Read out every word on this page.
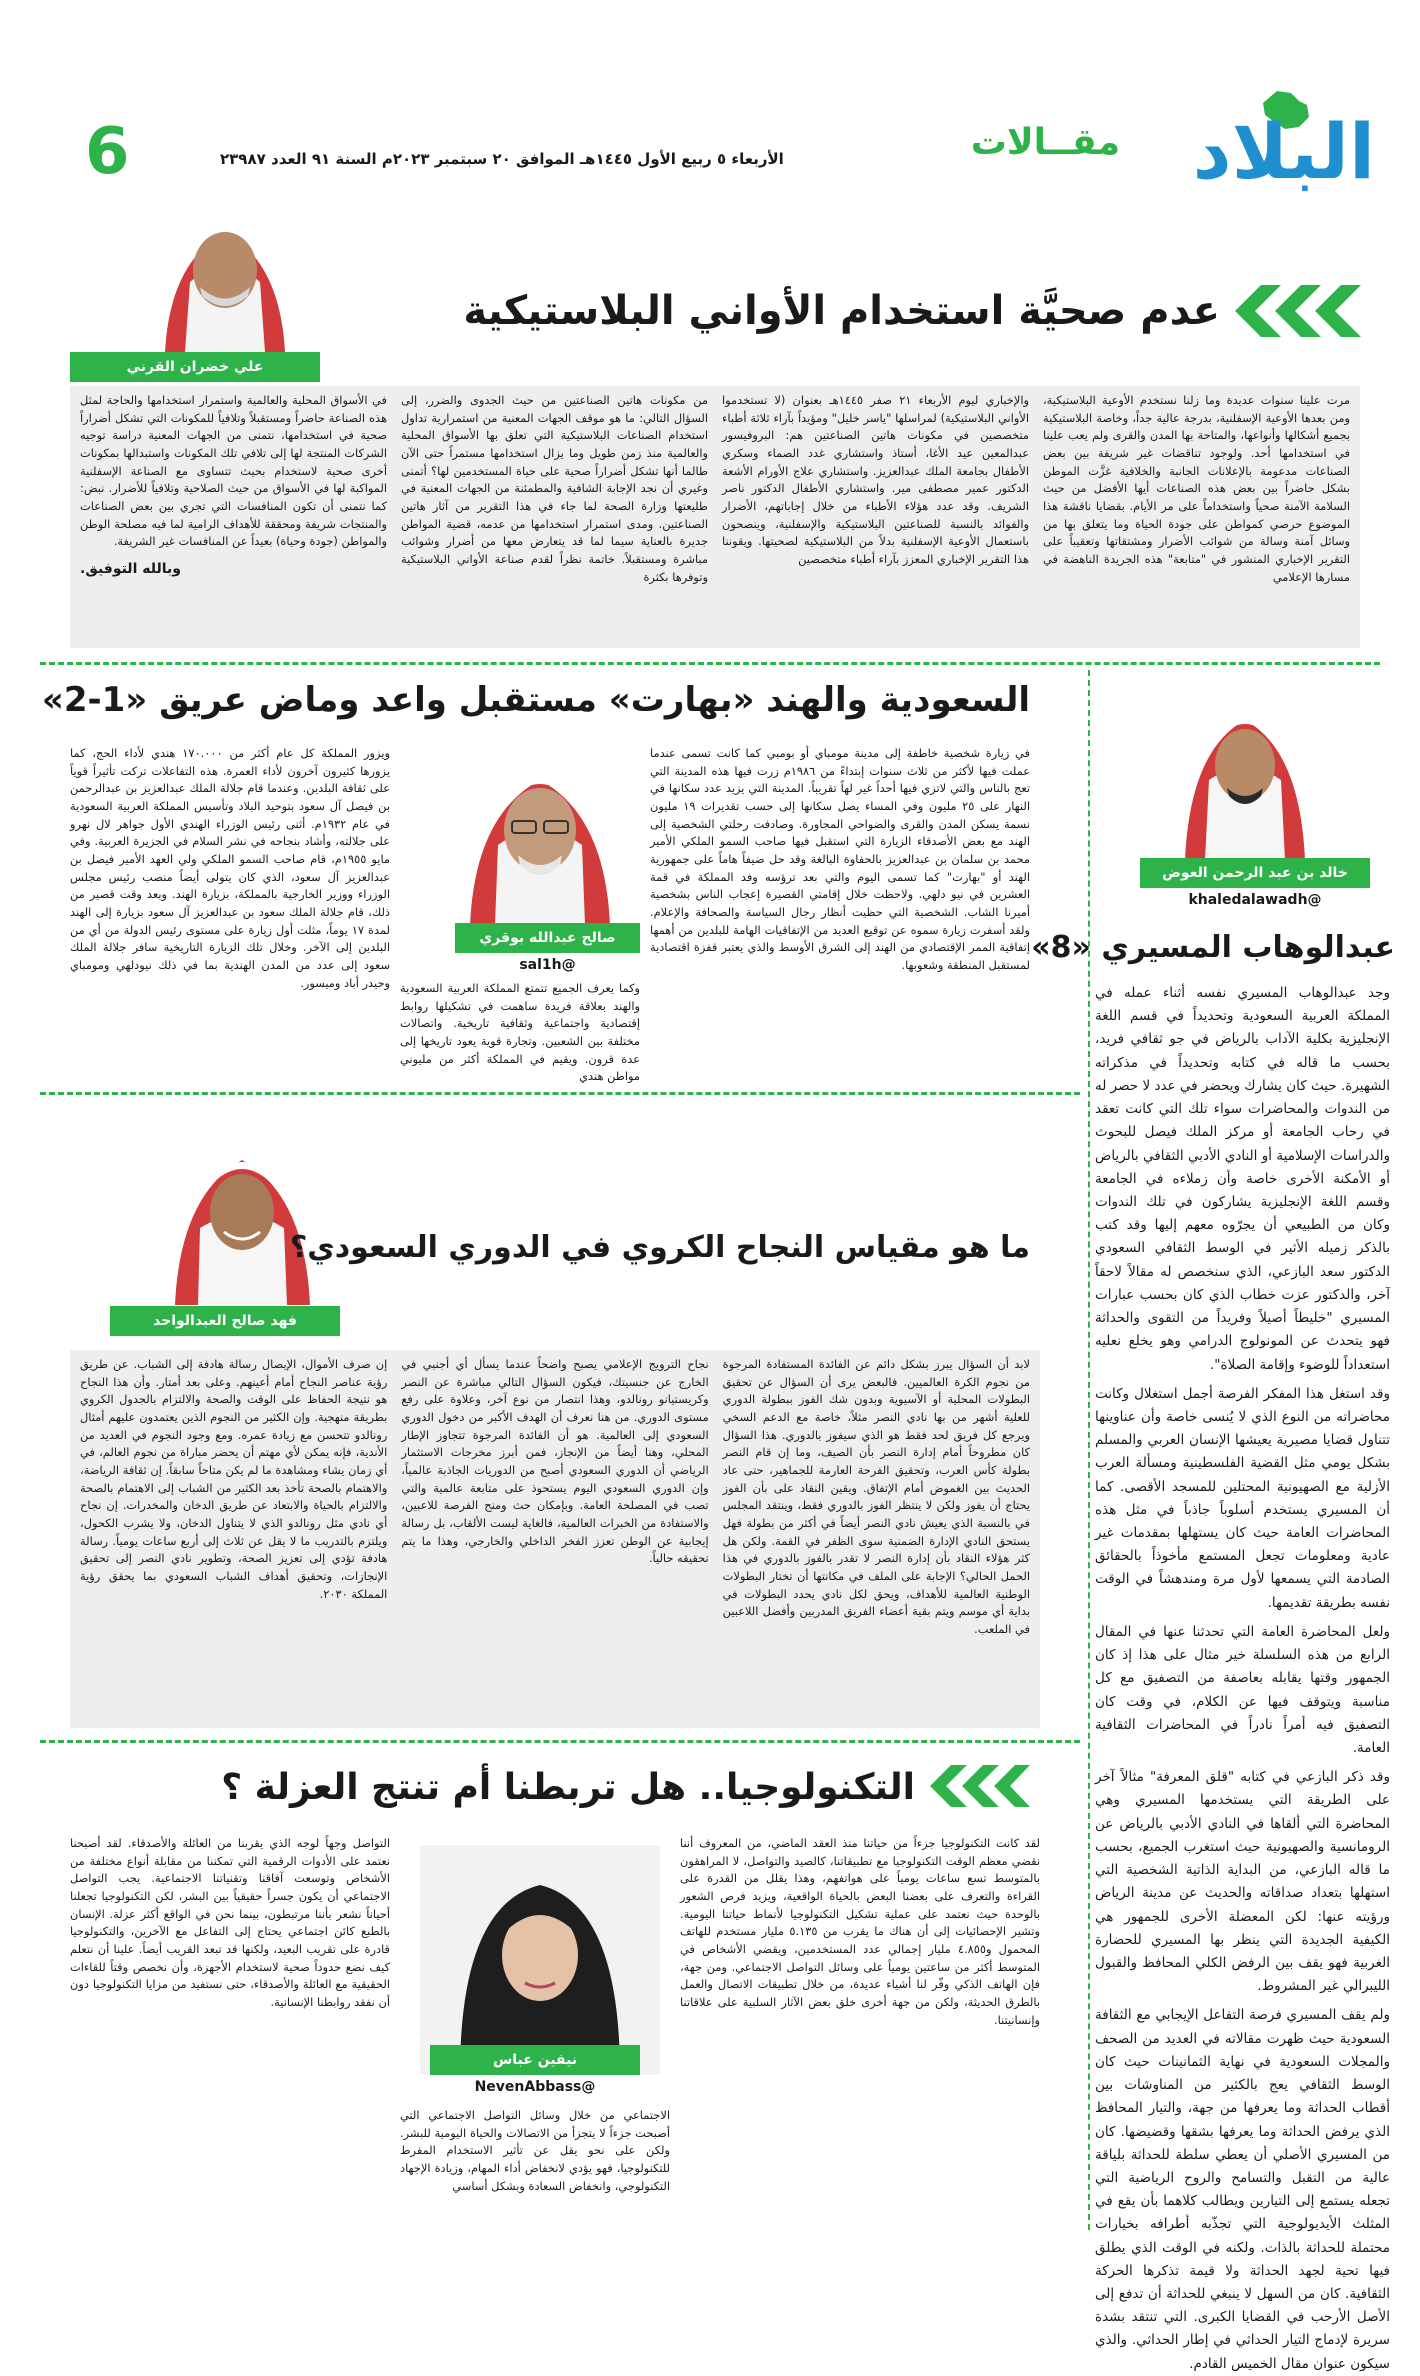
البلاد
مقــالات
الأربعاء ٥ ربيع الأول ١٤٤٥هـ الموافق ٢٠ سبتمبر ٢٠٢٣م السنة ٩١ العدد ٢٣٩٨٧
6
عدم صحيَّة استخدام الأواني البلاستيكية
علي خضران القرني
مرت علينا سنوات عديدة وما زلنا نستخدم الأوعية البلاستيكية، ومن بعدها الأوعية الإسفلنية، بدرجة عالية جداً، وخاصة البلاستيكية بجميع أشكالها وأنواعها، والمتاحة بها المدن والقرى ولم يعب علينا في استخدامها أحد. ولوجود تناقضات غير شريفة بين بعض الصناعات مدعومة بالإعلانات الجانبة والخلافية غزَّت الموطن بشكل حاضراً بين بعض هذه الصناعات أيها الأفضل من حيث السلامة الآمنة صحياً واستخداماً على مر الأيام. بقضايا ناقشة هذا الموضوع حرصي كمواطن على جودة الحياة وما يتعلق بها من وسائل آمنة وسالة من شوائب الأضرار ومشتقاتها وتعقيباً على التقرير الإخباري المنشور في "متابعة" هذه الجريدة الناهضة في مسارها الإعلامي
والإخباري ليوم الأربعاء ٢١ صفر ١٤٤٥هـ بعنوان (لا تستخدموا الأواني البلاستيكية) لمراسلها "ياسر خليل" ومؤيداً بآراء ثلاثة أطباء متخصصين في مكونات هاتين الصناعتين هم: البروفيسور عبدالمعين عيد الأغا، أستاذ واستشاري غدد الصماء وسكري الأطفال بجامعة الملك عبدالعزيز. واستشاري علاج الأورام الأشعة الدكتور عمير مصطفى مير. واستشاري الأطفال الدكتور ناصر الشريف. وقد عدد هؤلاء الأطباء من خلال إجاباتهم، الأضرار والفوائد بالنسبة للصناعتين البلاستيكية والإسفلنية، وينصحون باستعمال الأوعية الإسفلنية بدلاً من البلاستيكية لصحيتها. ويقوننا هذا التقرير الإخباري المعزز بآراء أطباء متخصصين
من مكونات هاتين الصناعتين من حيث الجدوى والضرر، إلى السؤال التالي: ما هو موقف الجهات المعنية من استمرارية تداول استخدام الصناعات البلاستيكية التي تعلق بها الأسواق المحلية والعالمية منذ زمن طويل وما يزال استخدامها مستمراً حتى الآن طالما أنها تشكل أضراراً صحية على حياة المستخدمين لها؟ أتمنى وغيري أن نجد الإجابة الشافية والمطمئنة من الجهات المعنية في طليعتها وزارة الصحة لما جاء في هذا التقرير من آثار هاتين الصناعتين. ومدى استمرار استخدامها من عدمه، قضية المواطن جديرة بالعناية سيما لما قد يتعارض معها من أضرار وشوائب مباشرة ومستقبلاً. خاتمة نظراً لقدم صناعة الأواني البلاستيكية وتوفرها بكثرة
في الأسواق المحلية والعالمية واستمرار استخدامها والحاجة لمثل هذه الصناعة حاضراً ومستقبلاً وتلافياً للمكونات التي تشكل أضراراً صحية في استخدامها، نتمنى من الجهات المعنية دراسة توجيه الشركات المنتجة لها إلى تلافي تلك المكونات واستبدالها بمكونات أخرى صحية لاستخدام بحيث تتساوى مع الصناعة الإسفلنية المواكبة لها في الأسواق من حيث الصلاحية وتلافياً للأضرار. نبض: كما نتمنى أن تكون المنافسات التي تجري بين بعض الصناعات والمنتجات شريفة ومحققة للأهداف الرامية لما فيه مصلحة الوطن والمواطن (جودة وحياة) بعيداً عن المنافسات غير الشريفة.
وبالله التوفيق.
السعودية والهند «بهارت» مستقبل واعد وماض عريق «1-2»
صالح عبدالله بوقري
@sal1h
في زيارة شخصية خاطفة إلى مدينة مومباي أو بومبي كما كانت تسمى عندما عملت فيها لأكثر من ثلاث سنوات إبتداءً من ١٩٨٦م زرت فيها هذه المدينة التي تعج بالناس والتي لاتزي فيها أحداً غير لهاً تقريباً. المدينة التي يزيد عدد سكانها في النهار على ٢٥ مليون وفي المساء يصل سكانها إلى حسب تقديرات ١٩ مليون نسمة يسكن المدن والقرى والضواحي المجاورة. وصادفت رحلتي الشخصية إلى الهند مع بعض الأصدقاء الزيارة التي استقبل فيها صاحب السمو الملكي الأمير محمد بن سلمان بن عبدالعزيز بالحفاوة البالغة وقد حل ضيفاً هاماً على جمهورية الهند أو "بهارت" كما تسمى اليوم والتي بعد ترؤسه وفد المملكة في قمة العشرين في نيو دلهي. ولاحظت خلال إقامتي القصيرة إعجاب الناس بشخصية أميرنا الشاب. الشخصية التي حظيت أنظار رجال السياسة والصحافة والإعلام. ولقد أسفرت زيارة سموه عن توقيع العديد من الإتفاقيات الهامة للبلدين من أهمها إتفاقية الممر الإقتصادي من الهند إلى الشرق الأوسط والذي يعتبر قفزة اقتصادية لمستقبل المنطقة وشعوبها.
وكما يعرف الجميع تتمتع المملكة العربية السعودية والهند بعلاقة فريدة ساهمت في تشكيلها روابط إقتصادية واجتماعية وثقافية تاريخية. واتصالات مختلفة بين الشعبين. وتجارة قوية يعود تاريخها إلى عدة قرون. ويقيم في المملكة أكثر من مليوني مواطن هندي
ويزور المملكة كل عام أكثر من ١٧٠.٠٠٠ هندي لأداء الحج، كما يزورها كثيرون آخرون لأداء العمرة. هذه التفاعلات تركت تأثيراً قوياً على ثقافة البلدين. وعندما قام جلالة الملك عبدالعزيز بن عبدالرحمن بن فيصل آل سعود بتوحيد البلاد وتأسيس المملكة العربية السعودية في عام ١٩٣٢م. أثنى رئيس الوزراء الهندي الأول جواهر لال نهرو على جلالته، وأشاد بنجاحه في نشر السلام في الجزيرة العربية. وفي مايو ١٩٥٥م، قام صاحب السمو الملكي ولي العهد الأمير فيصل بن عبدالعزيز آل سعود، الذي كان يتولى أيضاً منصب رئيس مجلس الوزراء ووزير الخارجية بالمملكة، بزيارة الهند. وبعد وقت قصير من ذلك، قام جلالة الملك سعود بن عبدالعزيز آل سعود بزيارة إلى الهند لمدة ١٧ يوماً، مثلت أول زيارة على مستوى رئيس الدولة من أي من البلدين إلى الآخر. وخلال تلك الزيارة التاريخية سافر جلالة الملك سعود إلى عدد من المدن الهندية بما في ذلك نيودلهي ومومباي وحيدر أباد وميسور.
خالد بن عبد الرحمن العوض
@khaledalawadh
عبدالوهاب المسيري «8»

وجد عبدالوهاب المسيري نفسه أثناء عمله في المملكة العربية السعودية وتحديداً في قسم اللغة الإنجليزية بكلية الآداب بالرياض في جو ثقافي فريد، بحسب ما قاله في كتابه وتحديداً في مذكراته الشهيرة. حيث كان يشارك ويحضر في عدد لا حصر له من الندوات والمحاضرات سواء تلك التي كانت تعقد في رحاب الجامعة أو مركز الملك فيصل للبحوث والدراسات الإسلامية أو النادي الأدبي الثقافي بالرياض أو الأمكنة الأخرى خاصة وأن زملاءه في الجامعة وقسم اللغة الإنجليزية يشاركون في تلك الندوات وكان من الطبيعي أن يجرّوه معهم إليها وقد كتب بالذكر زميله الأثير في الوسط الثقافي السعودي الدكتور سعد البازعي، الذي سنخصص له مقالاً لاحقاً آخر، والدكتور عزت خطاب الذي كان بحسب عبارات المسيري "خليطاً أصيلاً وفريداً من التقوى والحداثة فهو يتحدث عن المونولوج الدرامي وهو يخلع نعليه استعداداً للوضوء وإقامة الصلاة".

وقد استغل هذا المفكر الفرصة أجمل استغلال وكانت محاضراته من النوع الذي لا يُنسى خاصة وأن عناوينها تتناول قضايا مصيرية يعيشها الإنسان العربي والمسلم بشكل يومي مثل القضية الفلسطينية ومسألة العرب الأزلية مع الصهيونية المحتلين للمسجد الأقصى. كما أن المسيري يستخدم أسلوباً جاذباً في مثل هذه المحاضرات العامة حيث كان يستهلها بمقدمات غير عادية ومعلومات تجعل المستمع مأخوذاً بالحقائق الصادمة التي يسمعها لأول مرة ومندهشاً في الوقت نفسه بطريقة تقديمها.

ولعل المحاضرة العامة التي تحدثنا عنها في المقال الرابع من هذه السلسلة خير مثال على هذا إذ كان الجمهور وقتها يقابله بعاصفة من التصفيق مع كل مناسبة ويتوقف فيها عن الكلام، في وقت كان التصفيق فيه أمراً نادراً في المحاضرات الثقافية العامة.

وقد ذكر البازعي في كتابه "قلق المعرفة" مثالاً آخر على الطريقة التي يستخدمها المسيري وهي المحاضرة التي ألقاها في النادي الأدبي بالرياض عن الرومانسية والصهيونية حيث استغرب الجميع، بحسب ما قاله البازعي، من البداية الذاتية الشخصية التي استهلها بتعداد صداقاته والحديث عن مدينة الرياض ورؤيته عنها: لكن المعضلة الأخرى للجمهور هي الكيفية الجديدة التي ينظر بها المسيري للحضارة الغربية فهو يقف بين الرفض الكلي المحافظ والقبول الليبرالي غير المشروط.

ولم يقف المسيري فرصة التفاعل الإيجابي مع الثقافة السعودية حيث ظهرت مقالاته في العديد من الصحف والمجلات السعودية في نهاية الثمانينات حيث كان الوسط الثقافي يعج بالكثير من المناوشات بين أقطاب الحداثة وما يعرفها من جهة، والتيار المحافظ الذي يرفض الحداثة وما يعرفها بشقها وقضيضها. كان من المسيري الأصلي أن يعطي سلطة للحداثة بلياقة عالية من التقبل والتسامح والروح الرياضية التي تجعله يستمع إلى التيارين ويطالب كلاهما بأن يقع في المثلث الأيديولوجية التي تجذّبه أطرافه بخيارات محتملة للحداثة بالذات. ولكنه في الوقت الذي يطلق فيها تحية لجهد الحداثة ولا قيمة تذكرها الحركة الثقافية. كان من السهل لا ينبغي للحداثة أن تدفع إلى الأصل الأرحب في القضايا الكبرى. التي تنتقد بشدة سريرة لإدماج التيار الحداثي في إطار الحداثي. والذي سيكون عنوان مقال الخميس القادم.

فهد صالح العبدالواحد
ما هو مقياس النجاح الكروي في الدوري السعودي؟
لابد أن السؤال يبرز بشكل دائم عن الفائدة المستفادة المرجوة من نجوم الكرة العالميين. فالبعض يرى أن السؤال عن تحقيق البطولات المحلية أو الآسيوية وبدون شك الفوز ببطولة الدوري للعلية أشهر من بها نادي النصر مثلاً، خاصة مع الدعم السخي ويرجع كل فريق لحد فقط هو الذي سيفوز بالدوري. هذا السؤال كان مطروحاً أمام إدارة النصر بأن الصيف، وما إن قام النصر بطولة كأس العرب، وتحقيق الفرحة العارمة للجماهير، حتى عاد الحديث بين الغموض أمام الإتفاق. ويقين النقاد على بأن الفوز يحتاج أن يفوز ولكن لا ينتظر الفوز بالدوري فقط، وينتقد المجلس في بالنسبة الذي يعيش نادي النصر أيضاً في أكثر من بطولة فهل يستحق النادي الإدارة الضمنية سوى الظفر في القمة. ولكن هل كثر هؤلاء النقاد بأن إدارة النصر لا تقدر بالفوز بالدوري في هذا الحمل الحالي؟ الإجابة على الملف في مكانتها أن تختار البطولات الوطنية العالمية للأهداف، ويحق لكل نادي يحدد البطولات في بداية أي موسم ويتم بقية أعضاء الفريق المدربين وأفضل اللاعبين في الملعب.
نجاح الترويج الإعلامي يصبح واضحاً عندما يسأل أي أجنبي في الخارج عن جنسيتك، فيكون السؤال التالي مباشرة عن النصر وكريستيانو رونالدو، وهذا انتصار من نوع آخر، وعلاوة على رفع مستوى الدوري. من هنا نعرف أن الهدف الأكبر من دخول الدوري السعودي إلى العالمية. هو أن الفائدة المرجوة تتجاوز الإطار المحلي، وهنا أيضاً من الإنجاز، فمن أبرز مخرجات الاستثمار الرياضي أن الدوري السعودي أصبح من الدوريات الجاذبة عالمياً، وإن الدوري السعودي اليوم يستحوذ على متابعة عالمية والتي تصب في المصلحة العامة. وبإمكان حث ومنح الفرصة للاعبين، والاستفادة من الخبرات العالمية، فالغاية ليست الألقاب، بل رسالة إيجابية عن الوطن تعزز الفخر الداخلي والخارجي، وهذا ما يتم تحقيقه حالياً.
إن صرف الأموال، الإيصال رسالة هادفة إلى الشباب. عن طريق رؤية عناصر النجاح أمام أعينهم. وعلى بعد أمتار. وأن هذا النجاح هو نتيجة الحفاظ على الوقت والصحة والالتزام بالجدول الكروي بطريقة منهجية. وإن الكثير من النجوم الذين يعتمدون عليهم أمثال رونالدو تتحسن مع زيادة عمره. ومع وجود النجوم في العديد من الأندية، فإنه يمكن لأي مهتم أن يحضر مباراة من نجوم العالم، في أي زمان يشاء ومشاهدة ما لم يكن متاحاً سابقاً. إن ثقافة الرياضة، والاهتمام بالصحة تأخذ بعد الكثير من الشباب إلى الاهتمام بالصحة والالتزام بالحياة والابتعاد عن طريق الدخان والمخدرات. إن نجاح أي نادي مثل رونالدو الذي لا يتناول الدخان، ولا يشرب الكحول، ويلتزم بالتدريب ما لا يقل عن ثلاث إلى أربع ساعات يومياً. رسالة هادفة تؤدي إلى تعزيز الصحة، وتطوير نادي النصر إلى تحقيق الإنجازات، وتحقيق أهداف الشباب السعودي بما يحقق رؤية المملكة ٢٠٣٠.
التكنولوجيا.. هل تربطنا أم تنتج العزلة ؟
نيفين عباس
@NevenAbbass
لقد كانت التكنولوجيا جزءاً من حياتنا منذ العقد الماضي، من المعروف أننا نقضي معظم الوقت التكنولوجيا مع تطبيقاتنا، كالصيد والتواصل، لا المراهقون بالمتوسط تسع ساعات يومياً على هواتفهم، وهذا يقلل من القدرة على القراءة والتعرف على بعضنا البعض بالحياة الواقعية، ويزيد فرص الشعور بالوحدة حيث نعتمد على عملية تشكيل التكنولوجيا لأنماط حياتنا اليومية. وتشير الإحصائيات إلى أن هناك ما يقرب من ٥.١٣٥ مليار مستخدم للهاتف المحمول و٤.٨٥٥ مليار إجمالي عدد المستخدمين، ويقضي الأشخاص في المتوسط أكثر من ساعتين يومياً على وسائل التواصل الاجتماعي. ومن جهة، فإن الهاتف الذكي وفّر لنا أشياء عديدة، من خلال تطبيقات الاتصال والعمل بالطرق الحديثة، ولكن من جهة أخرى خلق بعض الآثار السلبية على علاقاتنا وإنسانيتنا.
الاجتماعي من خلال وسائل التواصل الاجتماعي التي أصبحت جزءاً لا يتجزأ من الاتصالات والحياة اليومية للبشر. ولكن على نحو يقل عن تأثير الاستخدام المفرط للتكنولوجيا، فهو يؤدي لانخفاض أداء المهام، وزيادة الإجهاد التكنولوجي، وانخفاض السعادة وبشكل أساسي
التواصل وجهاً لوجه الذي يقربنا من العائلة والأصدقاء. لقد أصبحنا نعتمد على الأدوات الرقمية التي تمكننا من مقابلة أنواع مختلفة من الأشخاص وتوسعت آفاقنا وتقنياتنا الاجتماعية. يجب التواصل الاجتماعي أن يكون جسراً حقيقياً بين البشر، لكن التكنولوجيا تجعلنا أحياناً نشعر بأننا مرتبطون، بينما نحن في الواقع أكثر عزلة. الإنسان بالطبع كائن اجتماعي يحتاج إلى التفاعل مع الآخرين، والتكنولوجيا قادرة على تقريب البعيد، ولكنها قد تبعد القريب أيضاً. علينا أن نتعلم كيف نضع حدوداً صحية لاستخدام الأجهزة، وأن نخصص وقتاً للقاءات الحقيقية مع العائلة والأصدقاء، حتى نستفيد من مزايا التكنولوجيا دون أن نفقد روابطنا الإنسانية.
